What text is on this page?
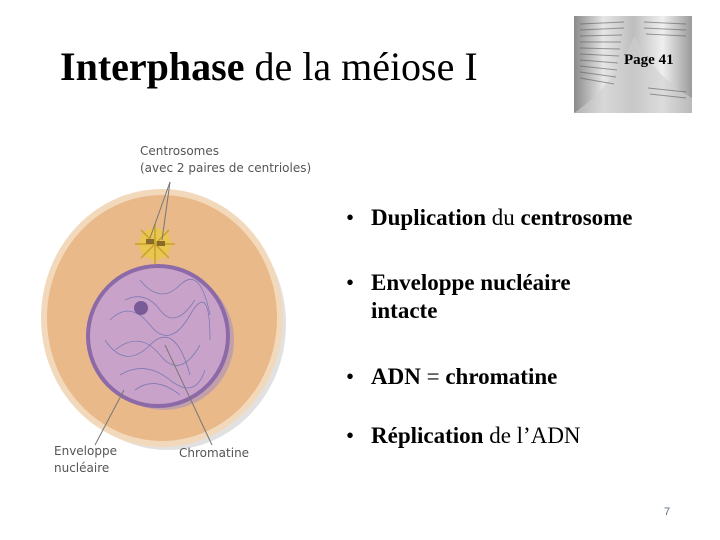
Interphase de la méiose I	Page 41
Centrosomes
(avec 2 paires de centrioles)
Enveloppe
nucléaire
Chromatine
• Duplication du centrosome
• Enveloppe nucléaire intacte
• ADN = chromatine
• Réplication de l’ADN
7
